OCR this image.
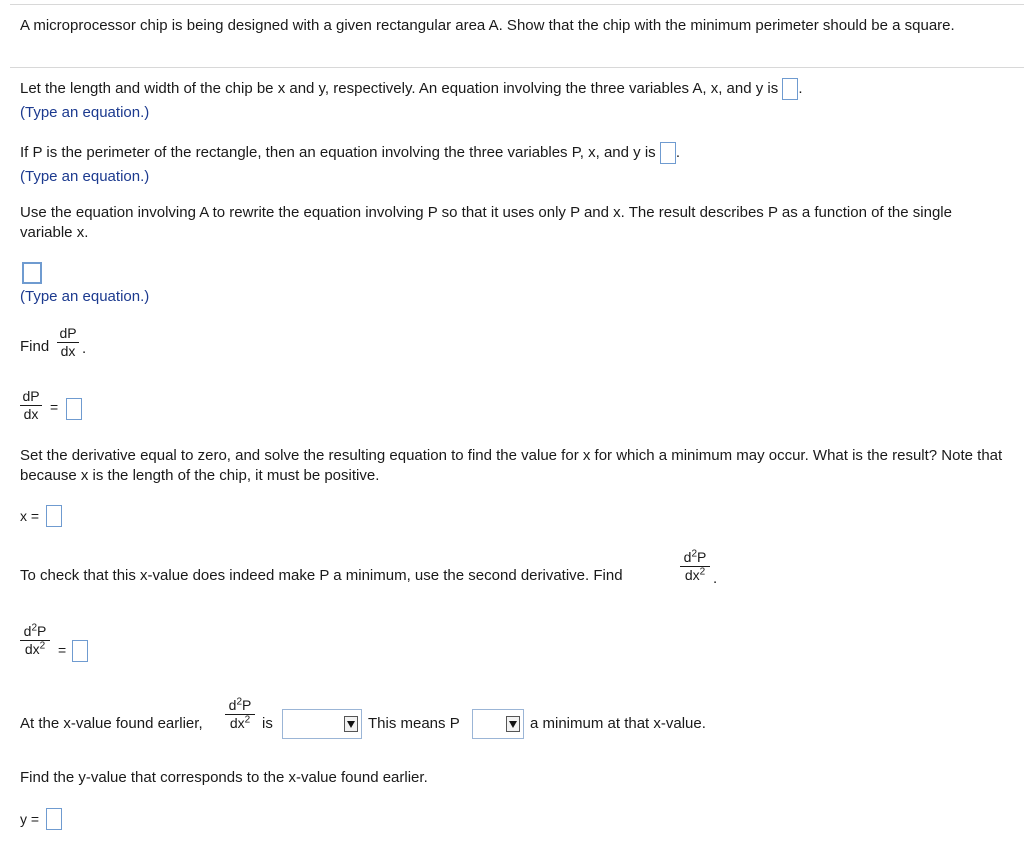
A microprocessor chip is being designed with a given rectangular area A. Show that the chip with the minimum perimeter should be a square.
Let the length and width of the chip be x and y, respectively. An equation involving the three variables A, x, and y is .
(Type an equation.)
If P is the perimeter of the rectangle, then an equation involving the three variables P, x, and y is .
(Type an equation.)
Use the equation involving A to rewrite the equation involving P so that it uses only P and x. The result describes P as a function of the single variable x.
(Type an equation.)
Find
dP
dx .
dP
dx =
Set the derivative equal to zero, and solve the resulting equation to find the value for x for which a minimum may occur. What is the result? Note that because x is the length of the chip, it must be positive.
x =
To check that this x-value does indeed make P a minimum, use the second derivative. Find
$d^2P$
$dx^2$ .
$d^2P$
$dx^2$ =
At the x-value found earlier,
$d^2P$
$dx^2$ is	This means P	a minimum at that x-value.
Find the y-value that corresponds to the x-value found earlier.
y =
